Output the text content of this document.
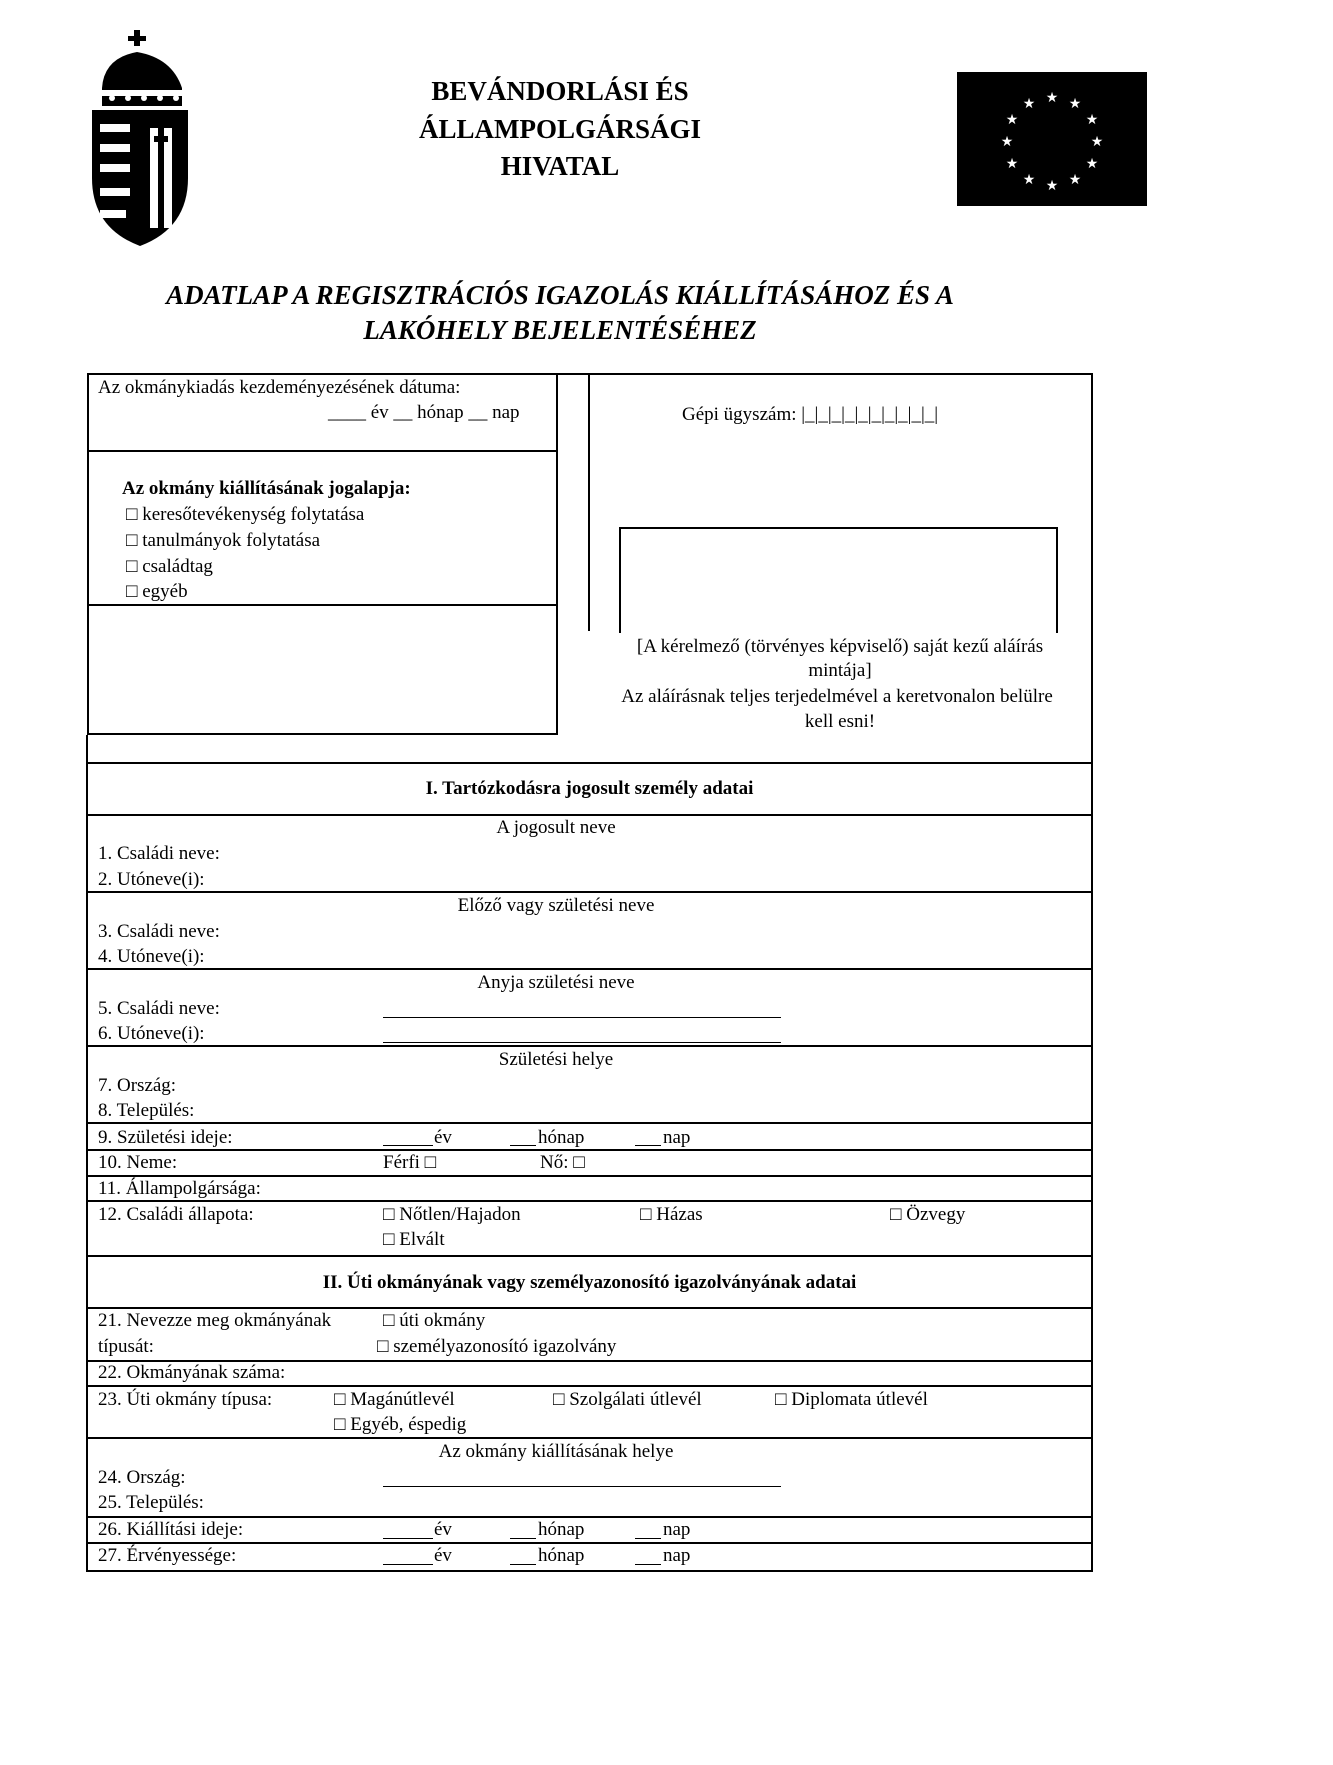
BEVÁNDORLÁSI ÉS
ÁLLAMPOLGÁRSÁGI
HIVATAL
★ ★
★
★
★
★
★
★
★
★
★ ★
ADATLAP A REGISZTRÁCIÓS IGAZOLÁS KIÁLLÍTÁSÁHOZ ÉS A
LAKÓHELY BEJELENTÉSÉHEZ
Az okmánykiadás kezdeményezésének dátuma:
____ év __ hónap __ nap
Az okmány kiállításának jogalapja:
□ keresőtevékenység folytatása
□ tanulmányok folytatása
□ családtag
□ egyéb
Gépi ügyszám: |_|_|_|_|_|_|_|_|_|_|
[A kérelmező (törvényes képviselő) saját kezű aláírás
mintája]
Az aláírásnak teljes terjedelmével a keretvonalon belülre
kell esni!
I. Tartózkodásra jogosult személy adatai
A jogosult neve
1. Családi neve:
2. Utóneve(i):
Előző vagy születési neve
3. Családi neve:
4. Utóneve(i):
Anyja születési neve
5. Családi neve:
6. Utóneve(i):
Születési helye
7. Ország:
8. Település:
9. Születési ideje:	év	hónap	nap
10. Neme:	Férfi □	Nő: □
11. Állampolgársága:
12. Családi állapota:	□ Nőtlen/Hajadon	□ Házas	□ Özvegy
□ Elvált
II. Úti okmányának vagy személyazonosító igazolványának adatai
21. Nevezze meg okmányának
típusát:
□ úti okmány
□ személyazonosító igazolvány
22. Okmányának száma:
23. Úti okmány típusa:	□ Magánútlevél	□ Szolgálati útlevél	□ Diplomata útlevél
□ Egyéb, éspedig
Az okmány kiállításának helye
24. Ország:
25. Település:
26. Kiállítási ideje:	év	hónap	nap
27. Érvényessége:	év	hónap	nap
